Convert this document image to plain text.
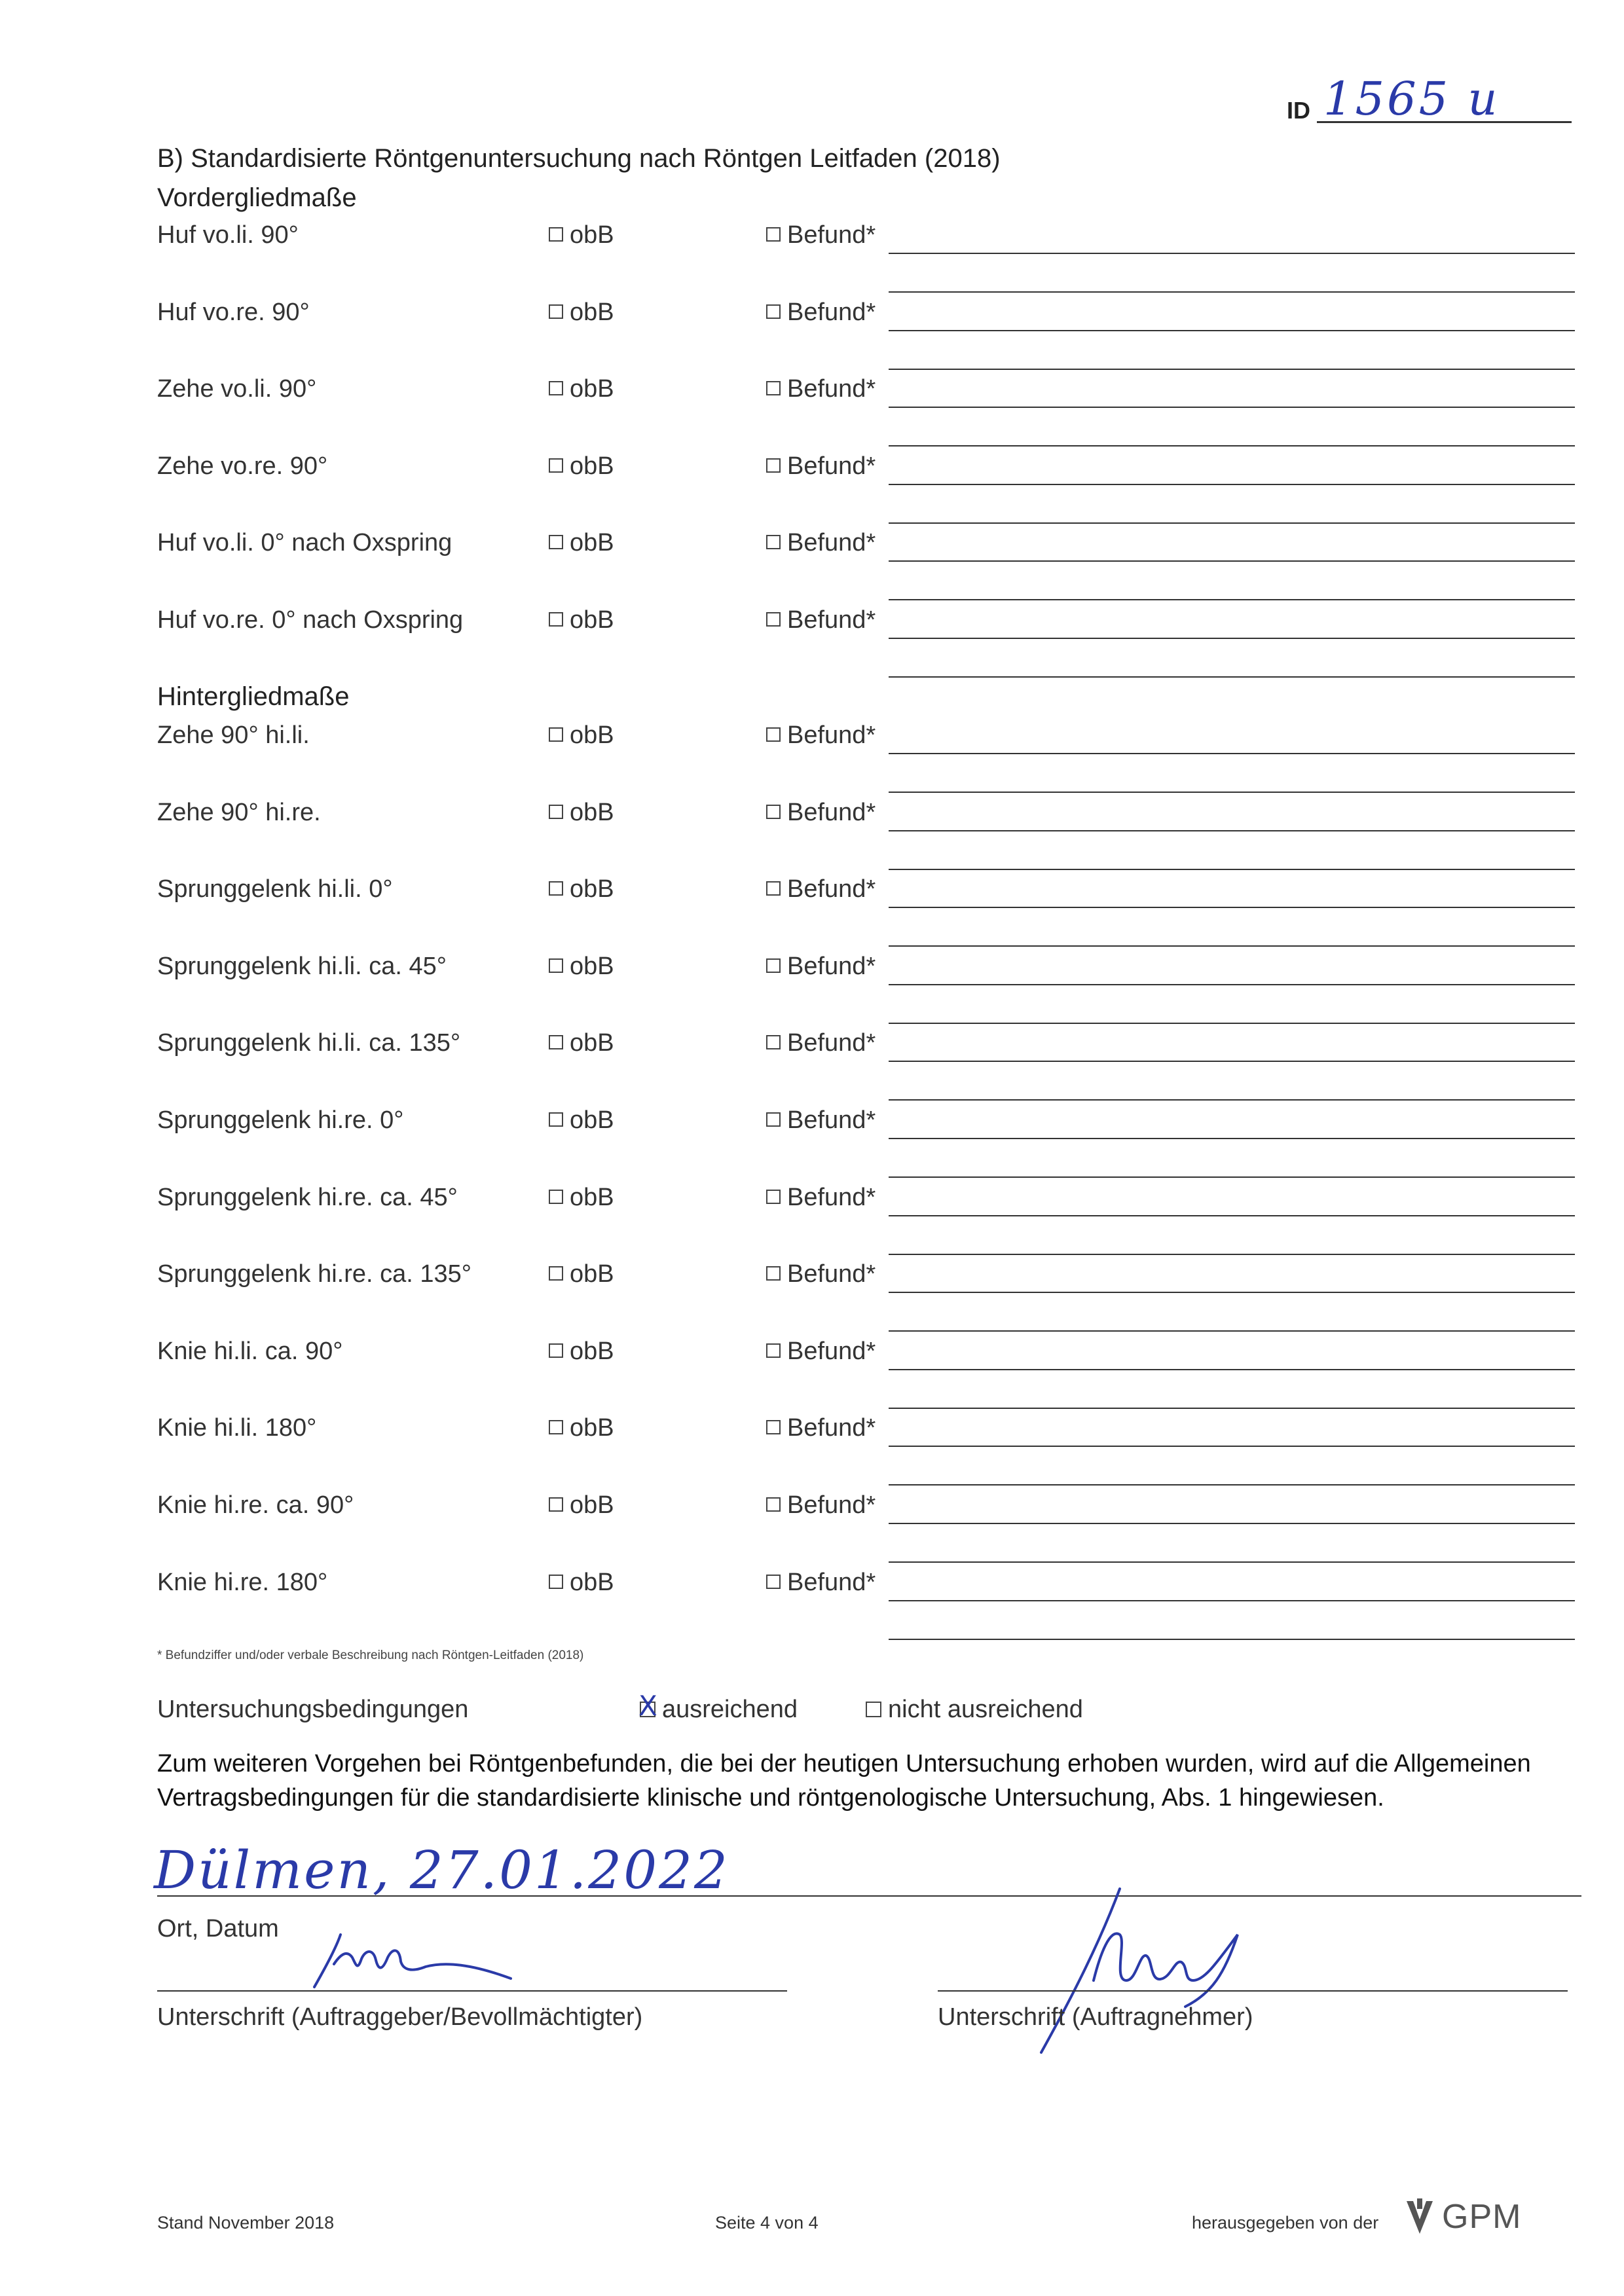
ID 1565 u
B) Standardisierte Röntgenuntersuchung nach Röntgen Leitfaden (2018)
Vordergliedmaße
Huf vo.li. 90°	obB	Befund*
Huf vo.re. 90°	obB	Befund*
Zehe vo.li. 90°	obB	Befund*
Zehe vo.re. 90°	obB	Befund*
Huf vo.li. 0° nach Oxspring	obB	Befund*
Huf vo.re. 0° nach Oxspring	obB	Befund*
Hintergliedmaße
Zehe 90° hi.li.	obB	Befund*
Zehe 90° hi.re.	obB	Befund*
Sprunggelenk hi.li. 0°	obB	Befund*
Sprunggelenk hi.li. ca. 45°	obB	Befund*
Sprunggelenk hi.li. ca. 135°	obB	Befund*
Sprunggelenk hi.re. 0°	obB	Befund*
Sprunggelenk hi.re. ca. 45°	obB	Befund*
Sprunggelenk hi.re. ca. 135°	obB	Befund*
Knie hi.li. ca. 90°	obB	Befund*
Knie hi.li. 180°	obB	Befund*
Knie hi.re. ca. 90°	obB	Befund*
Knie hi.re. 180°	obB	Befund*
* Befundziffer und/oder verbale Beschreibung nach Röntgen-Leitfaden (2018)
Untersuchungsbedingungen	X ausreichend	nicht ausreichend
Zum weiteren Vorgehen bei Röntgenbefunden, die bei der heutigen Untersuchung erhoben wurden, wird auf die Allgemeinen Vertragsbedingungen für die standardisierte klinische und röntgenologische Untersuchung, Abs. 1 hingewiesen.
Dülmen, 27.01.2022
Ort, Datum
Unterschrift (Auftraggeber/Bevollmächtigter)	Unterschrift (Auftragnehmer)
Stand November 2018	Seite 4 von 4	herausgegeben von der GPM
